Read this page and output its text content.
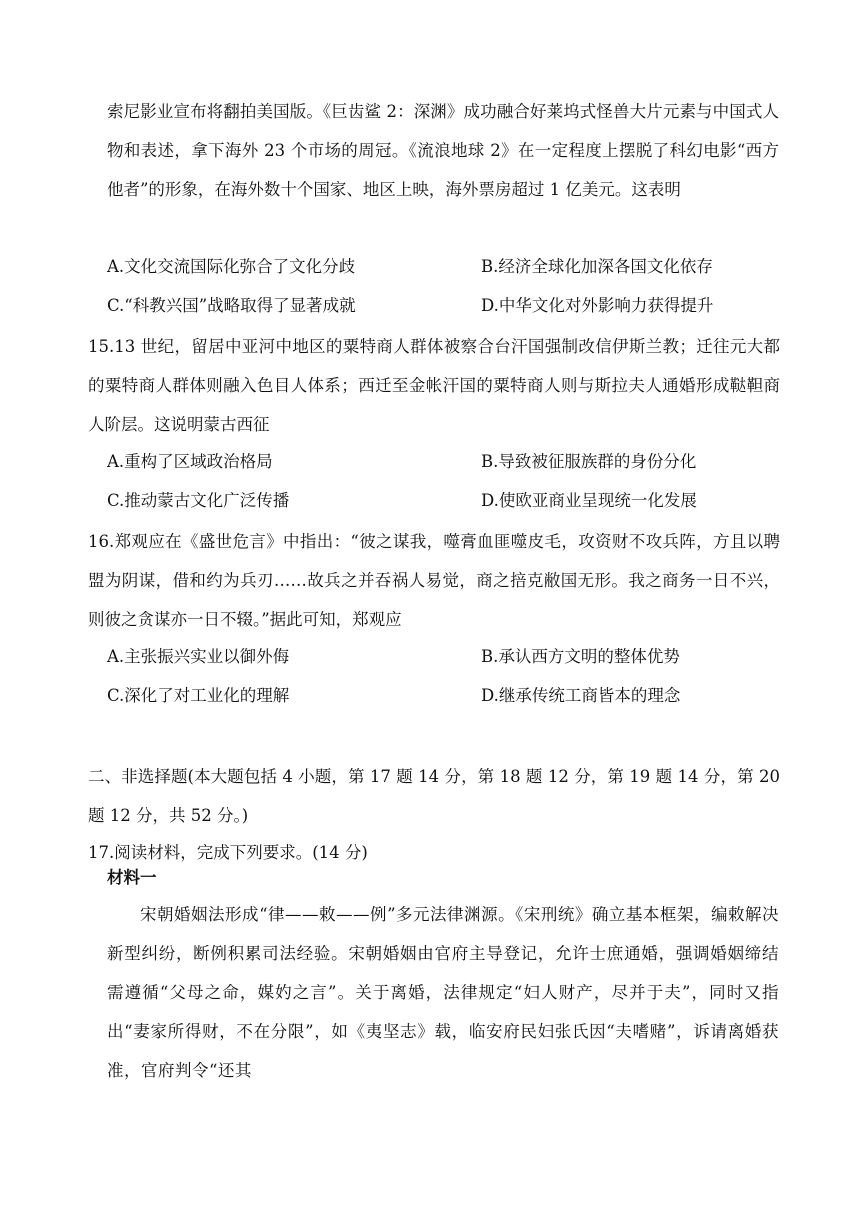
索尼影业宣布将翻拍美国版。《巨齿鲨 2：深渊》成功融合好莱坞式怪兽大片元素与中国式人物和表述，拿下海外 23 个市场的周冠。《流浪地球 2》在一定程度上摆脱了科幻电影“西方他者”的形象，在海外数十个国家、地区上映，海外票房超过 1 亿美元。这表明
A.文化交流国际化弥合了文化分歧	B.经济全球化加深各国文化依存
C.“科教兴国”战略取得了显著成就	D.中华文化对外影响力获得提升
15.13 世纪，留居中亚河中地区的粟特商人群体被察合台汗国强制改信伊斯兰教；迁往元大都的粟特商人群体则融入色目人体系；西迁至金帐汗国的粟特商人则与斯拉夫人通婚形成鞑靼商人阶层。这说明蒙古西征
A.重构了区域政治格局	B.导致被征服族群的身份分化
C.推动蒙古文化广泛传播	D.使欧亚商业呈现统一化发展
16.郑观应在《盛世危言》中指出：“彼之谋我，噬膏血匪噬皮毛，攻资财不攻兵阵，方且以聘盟为阴谋，借和约为兵刃……故兵之并吞祸人易觉，商之掊克敝国无形。我之商务一日不兴，则彼之贪谋亦一日不辍。”据此可知，郑观应
A.主张振兴实业以御外侮	B.承认西方文明的整体优势
C.深化了对工业化的理解	D.继承传统工商皆本的理念
二、非选择题(本大题包括 4 小题，第 17 题 14 分，第 18 题 12 分，第 19 题 14 分，第 20 题 12 分，共 52 分。)
17.阅读材料，完成下列要求。(14 分)
材料一
宋朝婚姻法形成“律——敕——例”多元法律渊源。《宋刑统》确立基本框架，编敕解决新型纠纷，断例积累司法经验。宋朝婚姻由官府主导登记，允许士庶通婚，强调婚姻缔结需遵循“父母之命，媒妁之言”。关于离婚，法律规定“妇人财产，尽并于夫”，同时又指出“妻家所得财，不在分限”，如《夷坚志》载，临安府民妇张氏因“夫嗜赌”，诉请离婚获准，官府判令“还其
